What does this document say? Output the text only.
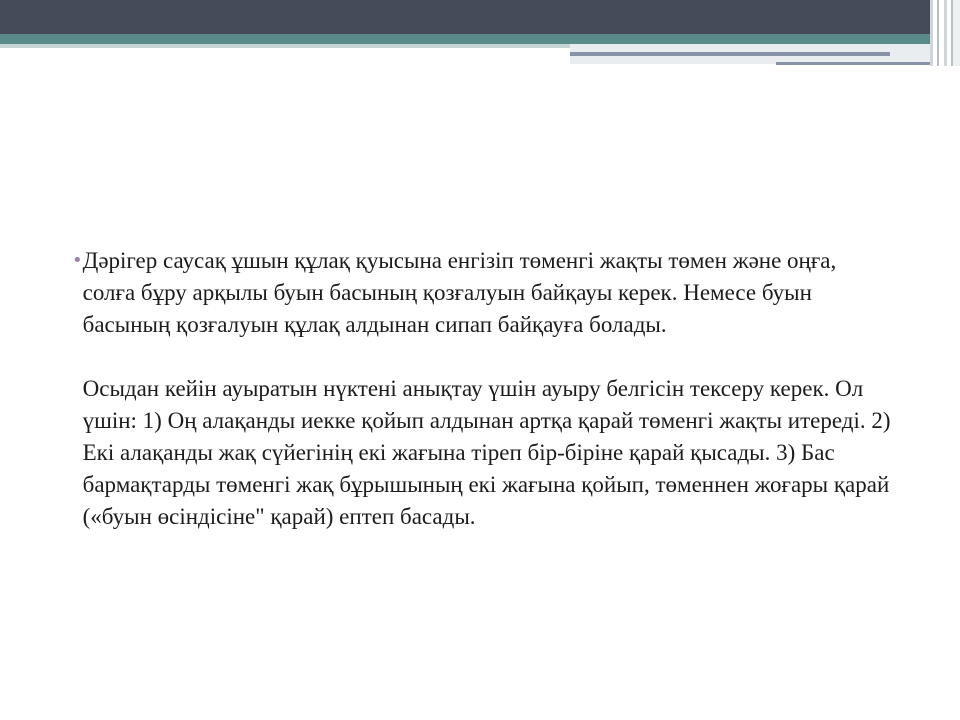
• Дәрігер саусақ ұшын құлақ қуысына енгізіп төменгі жақты төмен және оңға, солға бұру арқылы буын басының қозғалуын байқауы керек. Немесе буын басының қозғалуын құлақ алдынан сипап байқауға болады.

Осыдан кейін ауыратын нүктені анықтау үшін ауыру белгісін тексеру керек. Ол үшін: 1) Оң алақанды иекке қойып алдынан артқа қарай төменгі жақты итереді. 2) Екі алақанды жақ сүйегінің екі жағына тіреп бір-біріне қарай қысады. 3) Бас бармақтарды төменгі жақ бұрышының екі жағына қойып, төменнен жоғары қарай («буын өсіндісіне" қарай) ептеп басады.
